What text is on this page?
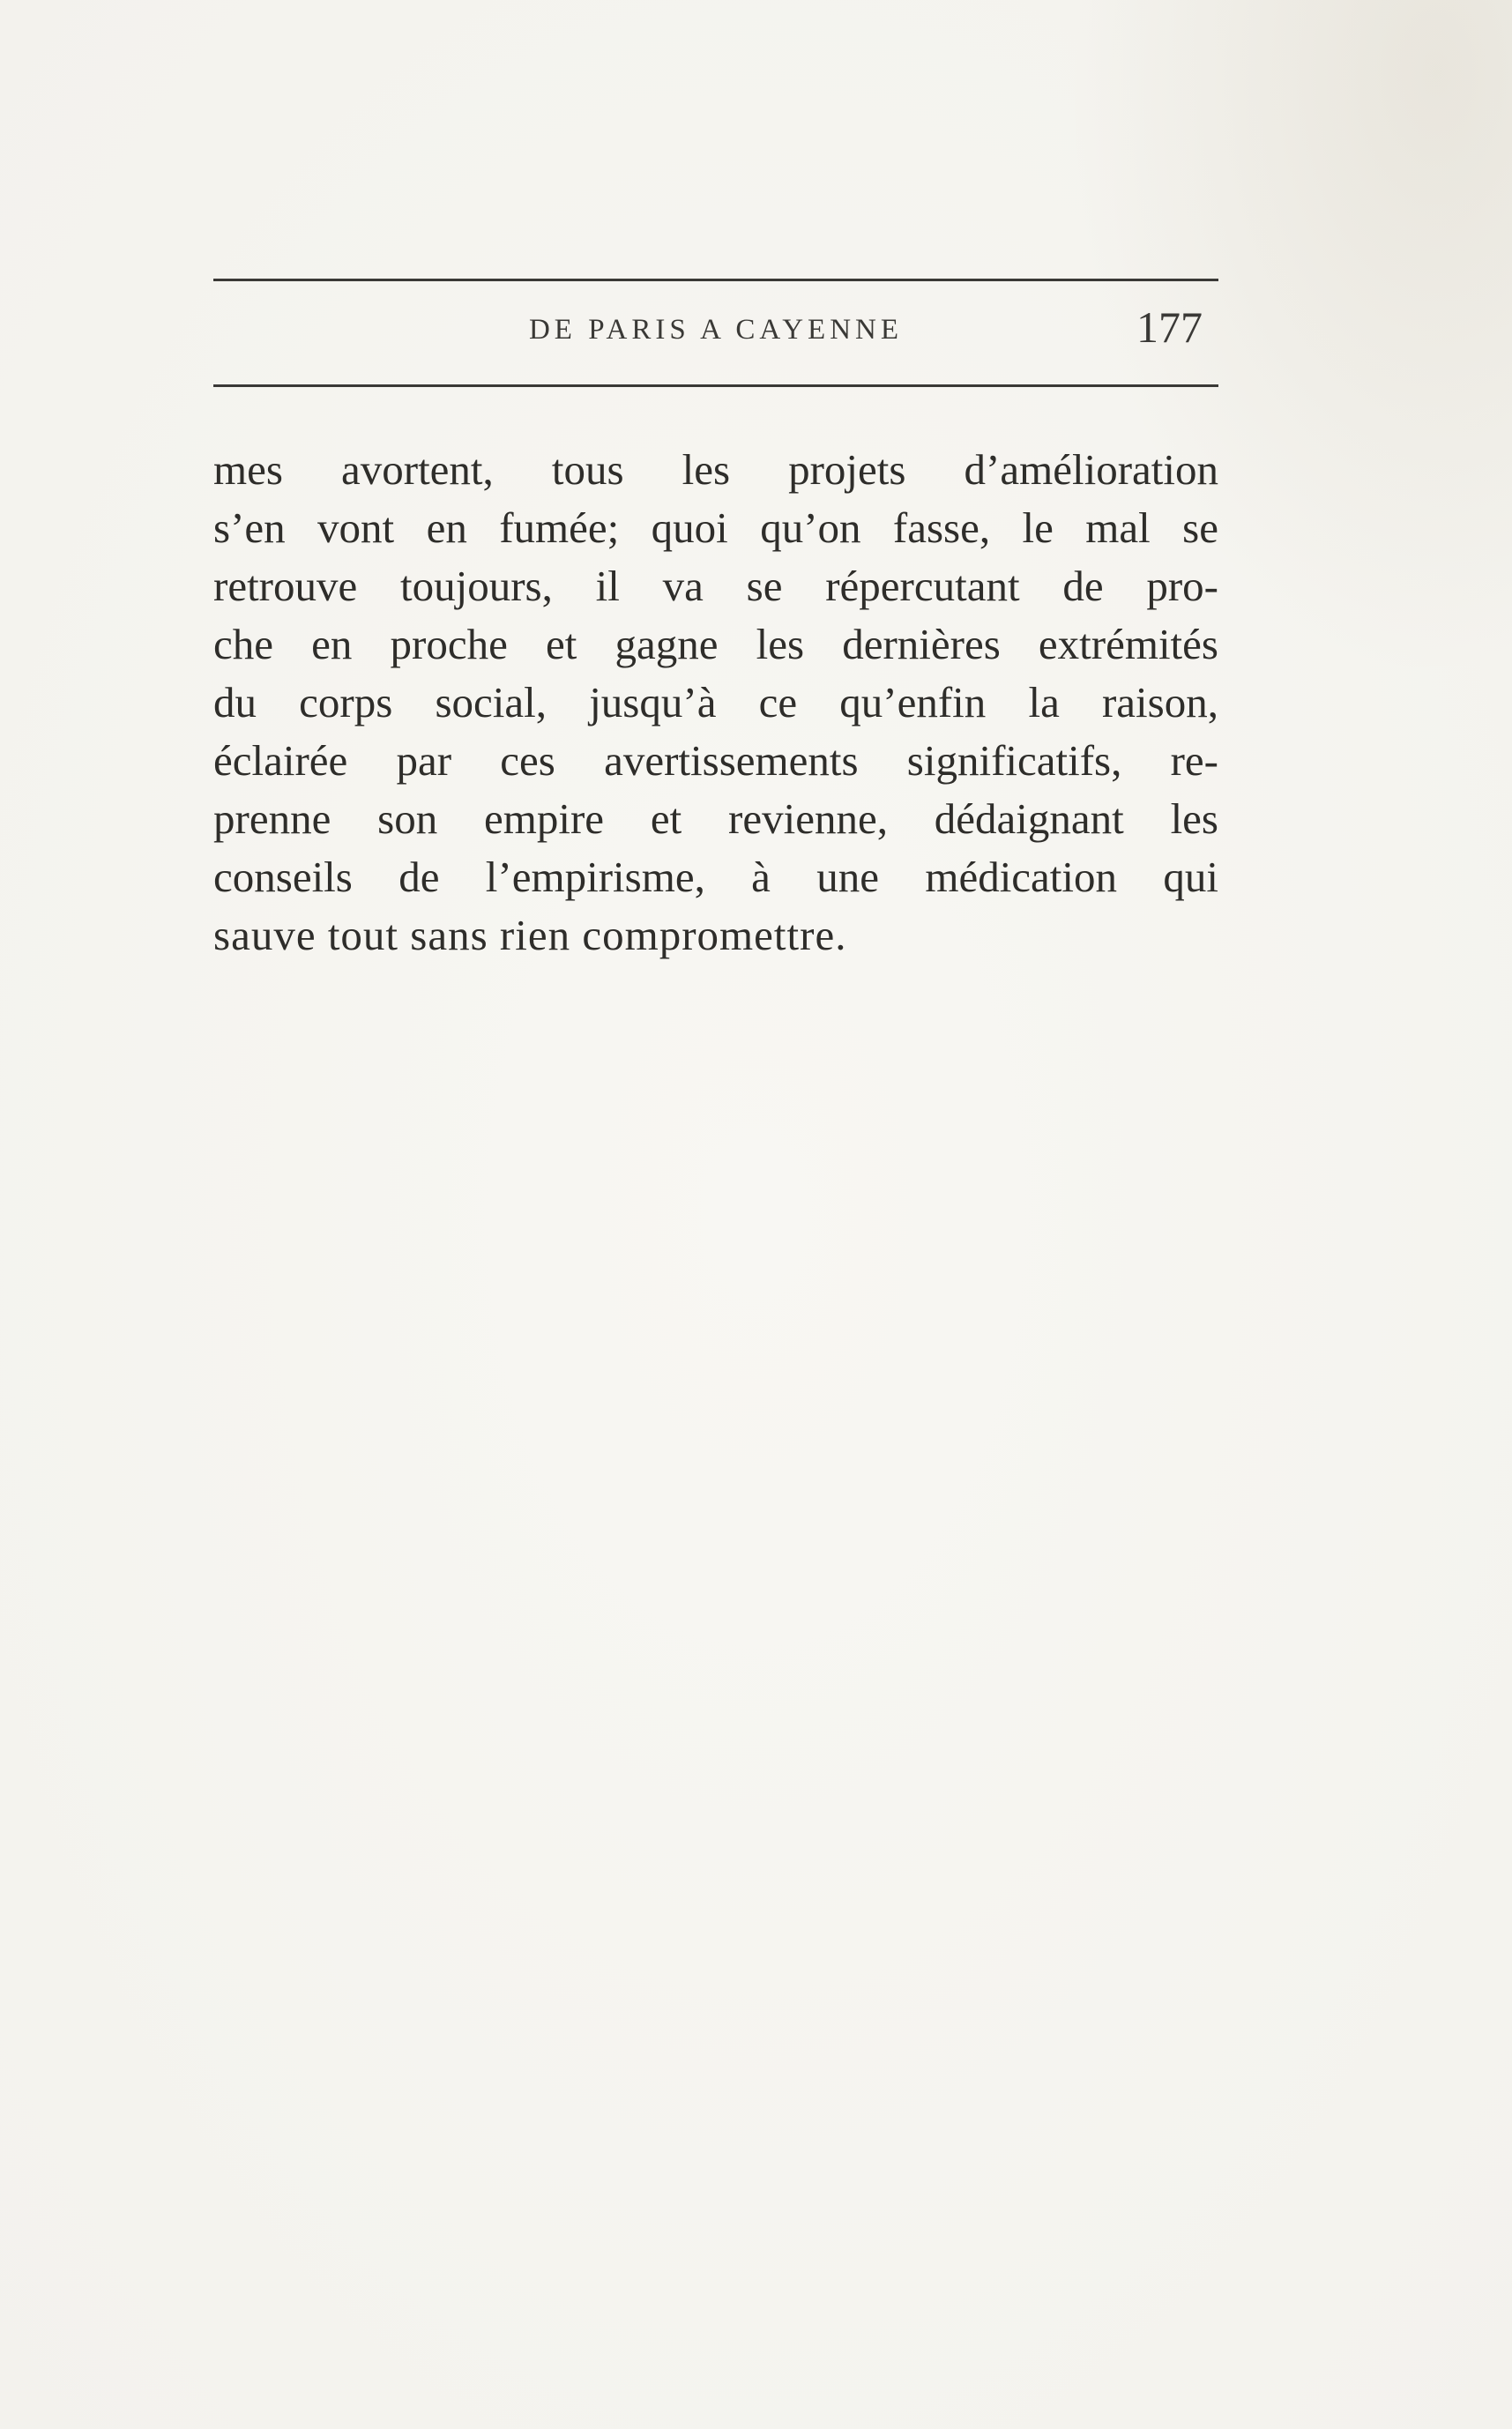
DE PARIS A CAYENNE	177
mes avortent, tous les projets d’amélioration
s’en vont en fumée; quoi qu’on fasse, le mal se
retrouve toujours, il va se répercutant de pro-
che en proche et gagne les dernières extrémités
du corps social, jusqu’à ce qu’enfin la raison,
éclairée par ces avertissements significatifs, re-
prenne son empire et revienne, dédaignant les
conseils de l’empirisme, à une médication qui
sauve tout sans rien compromettre.
